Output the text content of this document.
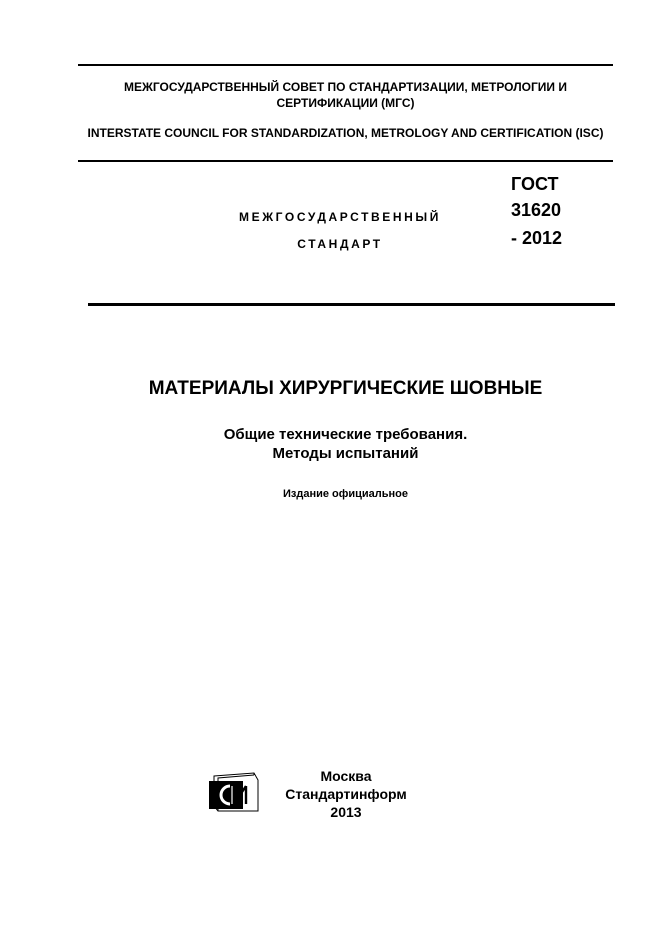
МЕЖГОСУДАРСТВЕННЫЙ СОВЕТ ПО СТАНДАРТИЗАЦИИ, МЕТРОЛОГИИ И СЕРТИФИКАЦИИ (МГС)
INTERSTATE COUNCIL FOR STANDARDIZATION, METROLOGY AND CERTIFICATION (ISC)
МЕЖГОСУДАРСТВЕННЫЙ
СТАНДАРТ
ГОСТ
31620
- 2012
МАТЕРИАЛЫ ХИРУРГИЧЕСКИЕ ШОВНЫЕ
Общие технические требования.
Методы испытаний
Издание официальное
Москва
Стандартинформ
2013
